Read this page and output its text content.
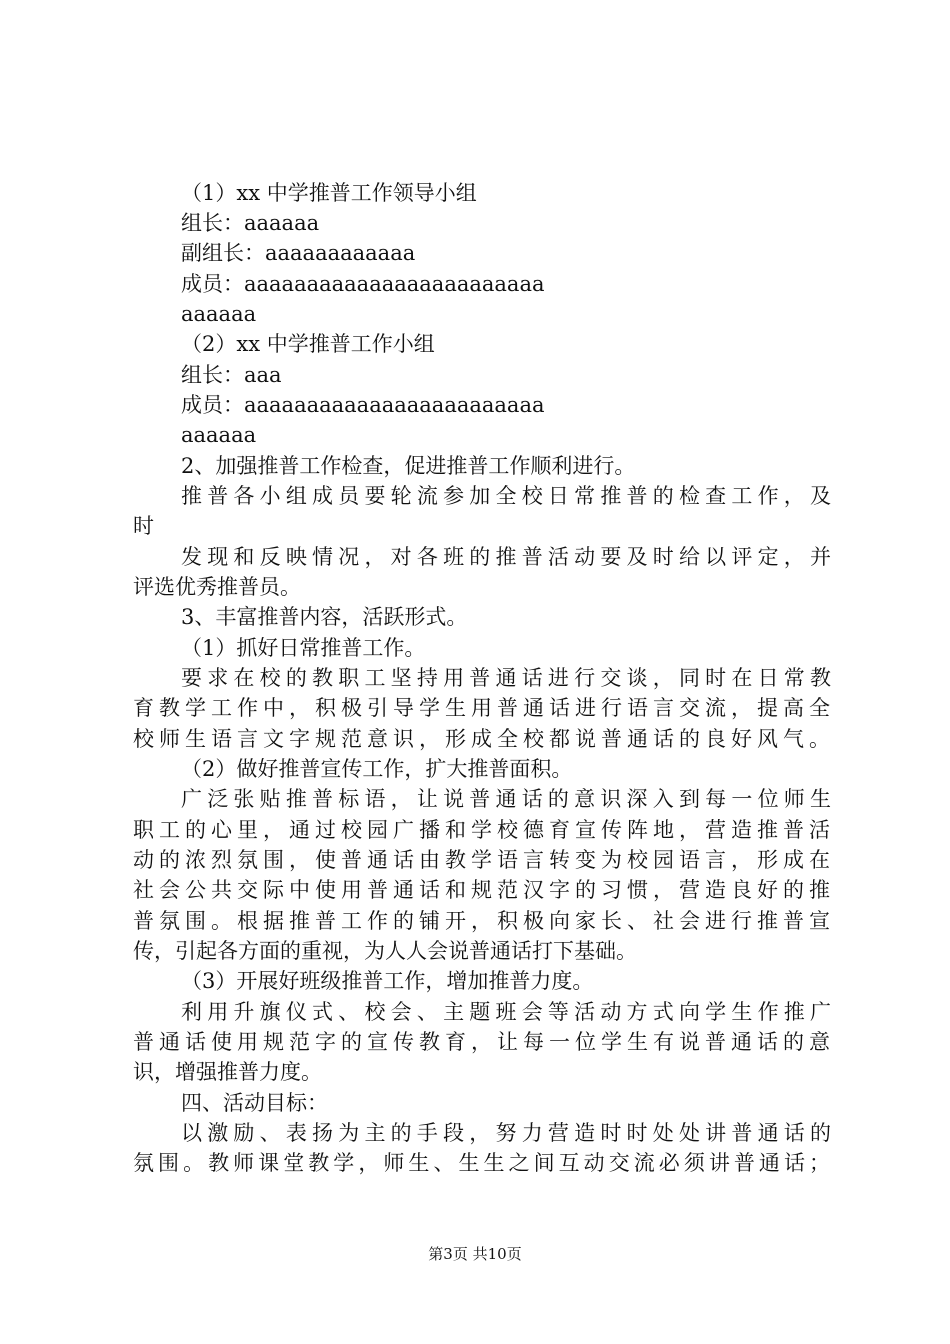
（1）xx 中学推普工作领导小组
组长：aaaaaa
副组长：aaaaaaaaaaaa
成员：aaaaaaaaaaaaaaaaaaaaaaaa
aaaaaa
（2）xx 中学推普工作小组
组长：aaa
成员：aaaaaaaaaaaaaaaaaaaaaaaa
aaaaaa
2、加强推普工作检查，促进推普工作顺利进行。
推普各小组成员要轮流参加全校日常推普的检查工作，及
时
发现和反映情况，对各班的推普活动要及时给以评定，并
评选优秀推普员。
3、丰富推普内容，活跃形式。
（1）抓好日常推普工作。
要求在校的教职工坚持用普通话进行交谈，同时在日常教
育教学工作中，积极引导学生用普通话进行语言交流，提高全
校师生语言文字规范意识，形成全校都说普通话的良好风气。
（2）做好推普宣传工作，扩大推普面积。
广泛张贴推普标语，让说普通话的意识深入到每一位师生
职工的心里，通过校园广播和学校德育宣传阵地，营造推普活
动的浓烈氛围，使普通话由教学语言转变为校园语言，形成在
社会公共交际中使用普通话和规范汉字的习惯，营造良好的推
普氛围。根据推普工作的铺开，积极向家长、社会进行推普宣
传，引起各方面的重视，为人人会说普通话打下基础。
（3）开展好班级推普工作，增加推普力度。
利用升旗仪式、校会、主题班会等活动方式向学生作推广
普通话使用规范字的宣传教育，让每一位学生有说普通话的意
识，增强推普力度。
四、活动目标：
以激励、表扬为主的手段，努力营造时时处处讲普通话的
氛围。教师课堂教学，师生、生生之间互动交流必须讲普通话；
第3页 共10页
